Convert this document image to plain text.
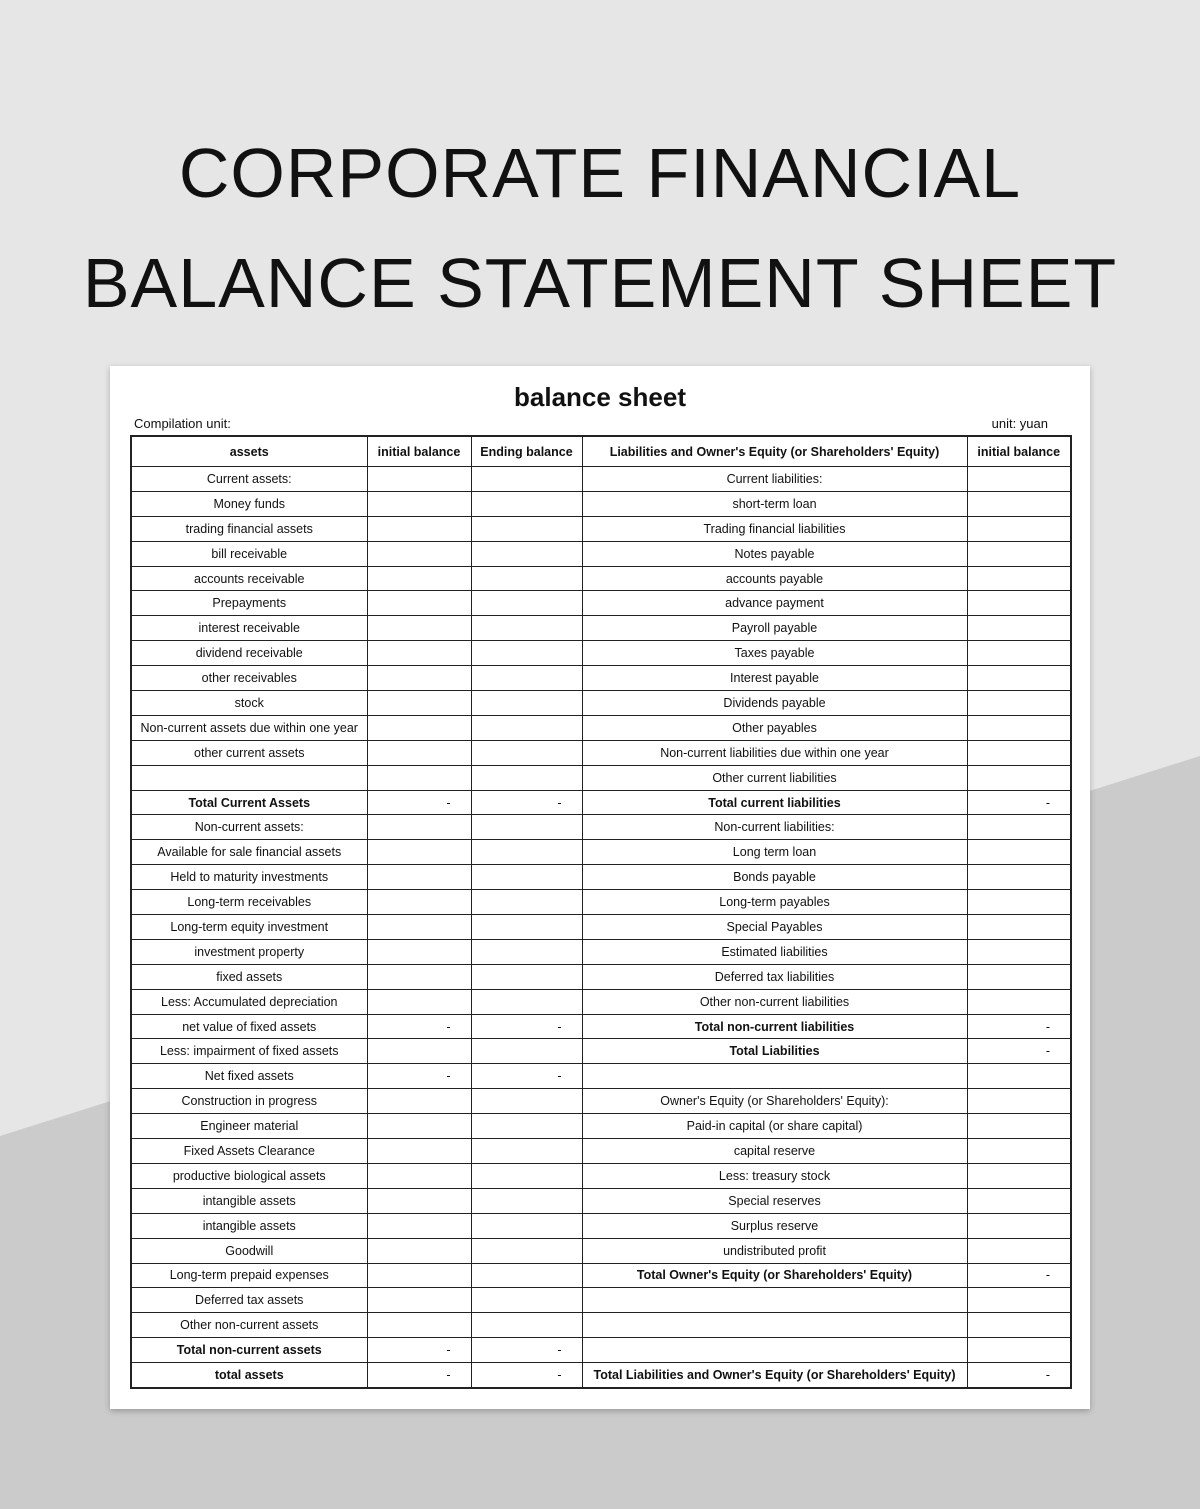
CORPORATE FINANCIAL
BALANCE STATEMENT SHEET
balance sheet
Compilation unit:	unit: yuan
assets	initial balance	Ending balance	Liabilities and Owner's Equity (or Shareholders' Equity)	initial balance
Current assets:			Current liabilities:	
Money funds			short-term loan	
trading financial assets			Trading financial liabilities	
bill receivable			Notes payable	
accounts receivable			accounts payable	
Prepayments			advance payment	
interest receivable			Payroll payable	
dividend receivable			Taxes payable	
other receivables			Interest payable	
stock			Dividends payable	
Non-current assets due within one year			Other payables	
other current assets			Non-current liabilities due within one year	
			Other current liabilities	
Total Current Assets	-	-	Total current liabilities	-
Non-current assets:			Non-current liabilities:	
Available for sale financial assets			Long term loan	
Held to maturity investments			Bonds payable	
Long-term receivables			Long-term payables	
Long-term equity investment			Special Payables	
investment property			Estimated liabilities	
fixed assets			Deferred tax liabilities	
Less: Accumulated depreciation			Other non-current liabilities	
net value of fixed assets	-	-	Total non-current liabilities	-
Less: impairment of fixed assets			Total Liabilities	-
Net fixed assets	-	-		
Construction in progress			Owner's Equity (or Shareholders' Equity):	
Engineer material			Paid-in capital (or share capital)	
Fixed Assets Clearance			capital reserve	
productive biological assets			Less: treasury stock	
intangible assets			Special reserves	
intangible assets			Surplus reserve	
Goodwill			undistributed profit	
Long-term prepaid expenses			Total Owner's Equity (or Shareholders' Equity)	-
Deferred tax assets				
Other non-current assets				
Total non-current assets	-	-		
total assets	-	-	Total Liabilities and Owner's Equity (or Shareholders' Equity)	-
